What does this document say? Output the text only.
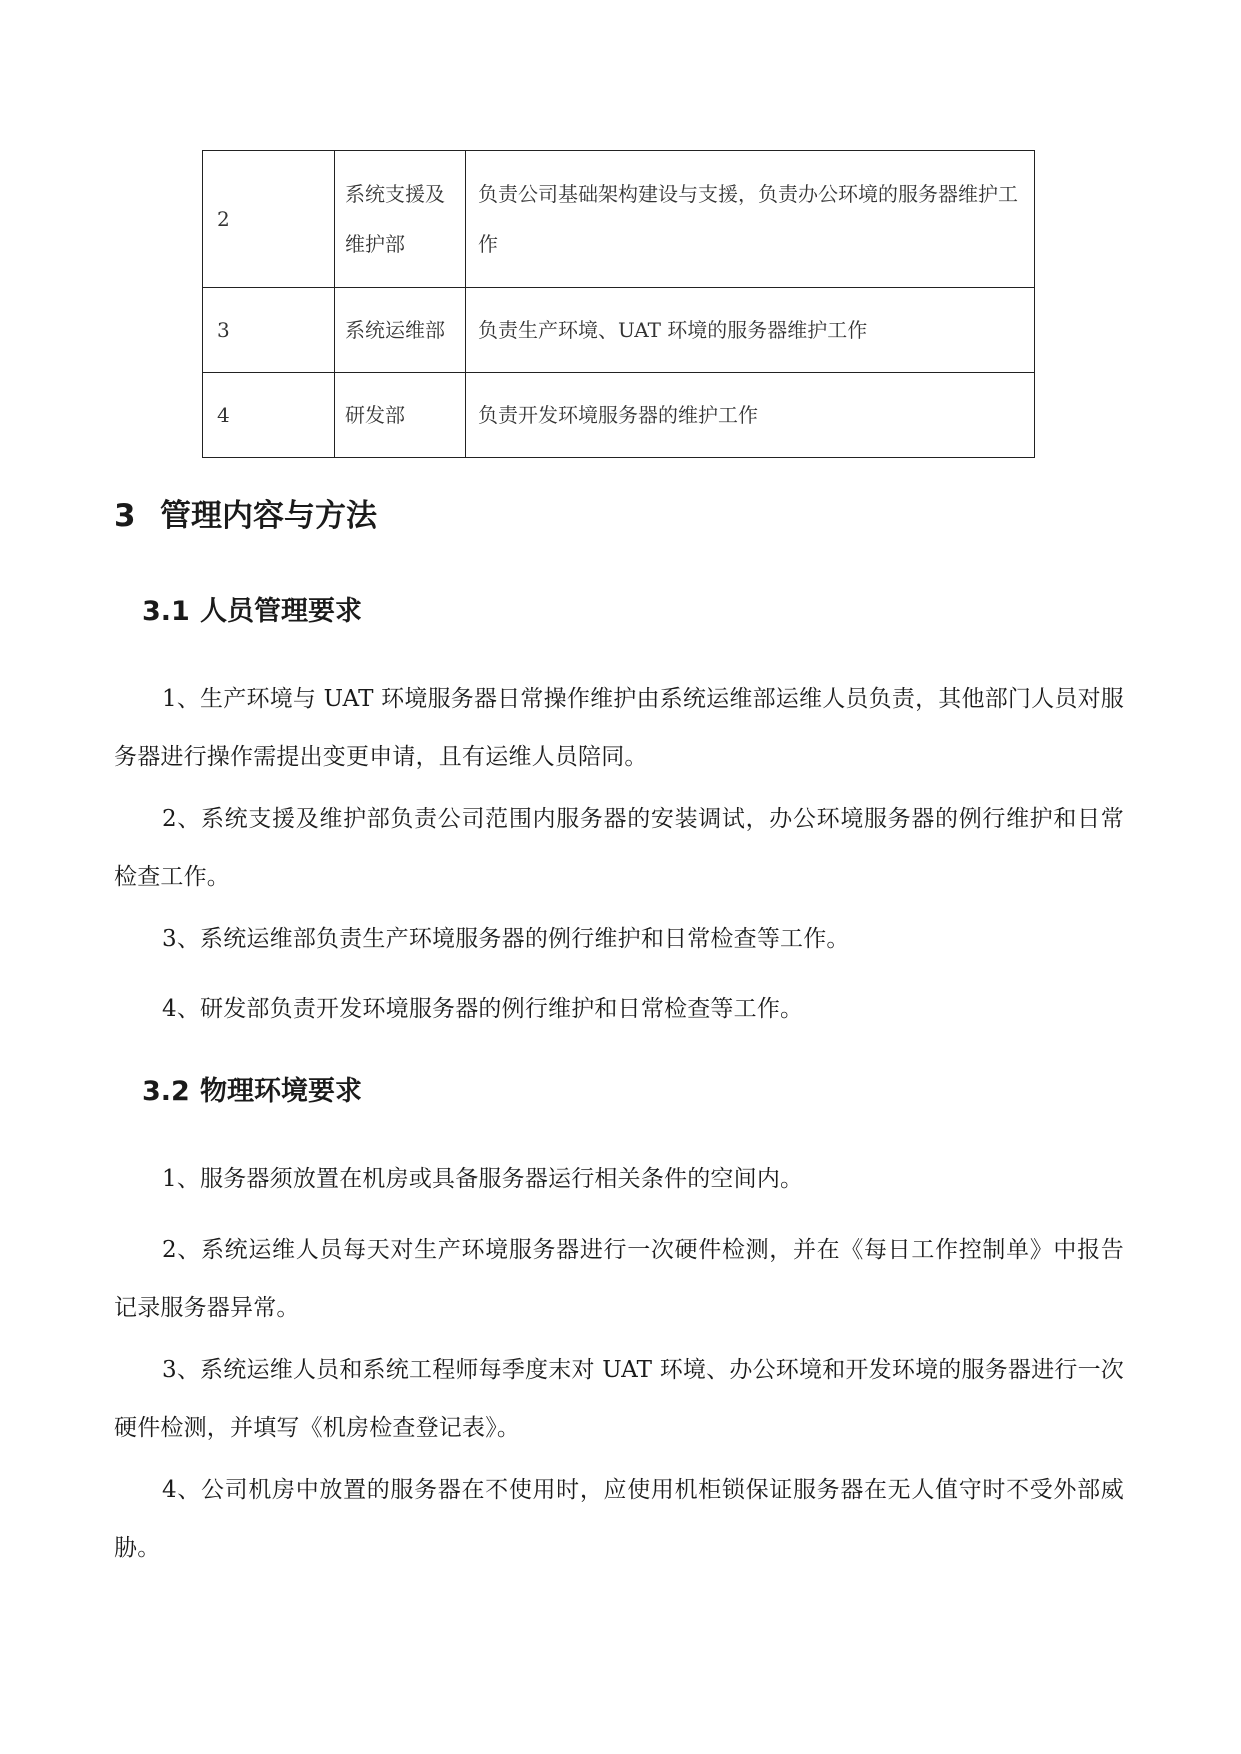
2	系统支援及维护部	负责公司基础架构建设与支援，负责办公环境的服务器维护工作
3	系统运维部	负责生产环境、UAT 环境的服务器维护工作
4	研发部	负责开发环境服务器的维护工作
3 管理内容与方法
3.1 人员管理要求

1、生产环境与 UAT 环境服务器日常操作维护由系统运维部运维人员负责，其他部门人员对服务器进行操作需提出变更申请，且有运维人员陪同。

2、系统支援及维护部负责公司范围内服务器的安装调试，办公环境服务器的例行维护和日常检查工作。

3、系统运维部负责生产环境服务器的例行维护和日常检查等工作。

4、研发部负责开发环境服务器的例行维护和日常检查等工作。

3.2 物理环境要求

1、服务器须放置在机房或具备服务器运行相关条件的空间内。

2、系统运维人员每天对生产环境服务器进行一次硬件检测，并在《每日工作控制单》中报告记录服务器异常。

3、系统运维人员和系统工程师每季度末对 UAT 环境、办公环境和开发环境的服务器进行一次硬件检测，并填写《机房检查登记表》。

4、公司机房中放置的服务器在不使用时，应使用机柜锁保证服务器在无人值守时不受外部威胁。
